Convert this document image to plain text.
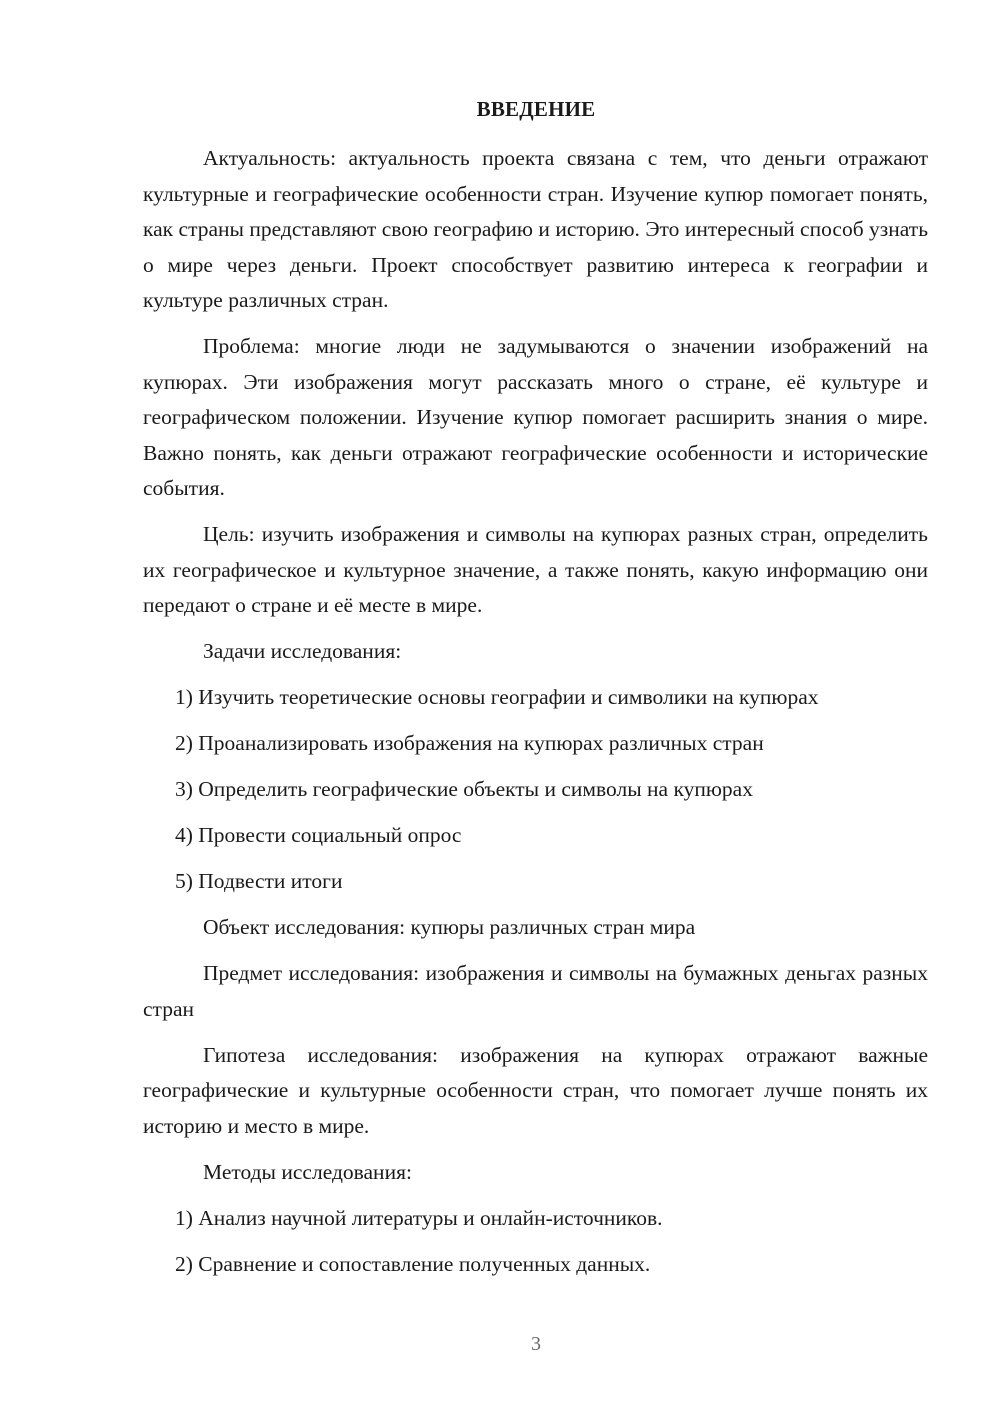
ВВЕДЕНИЕ

Актуальность: актуальность проекта связана с тем, что деньги отражают культурные и географические особенности стран. Изучение купюр помогает понять, как страны представляют свою географию и историю. Это интересный способ узнать о мире через деньги. Проект способствует развитию интереса к географии и культуре различных стран.

Проблема: многие люди не задумываются о значении изображений на купюрах. Эти изображения могут рассказать много о стране, её культуре и географическом положении. Изучение купюр помогает расширить знания о мире. Важно понять, как деньги отражают географические особенности и исторические события.

Цель: изучить изображения и символы на купюрах разных стран, определить их географическое и культурное значение, а также понять, какую информацию они передают о стране и её месте в мире.

Задачи исследования:

1) Изучить теоретические основы географии и символики на купюрах
2) Проанализировать изображения на купюрах различных стран
3) Определить географические объекты и символы на купюрах
4) Провести социальный опрос
5) Подвести итоги

Объект исследования: купюры различных стран мира

Предмет исследования: изображения и символы на бумажных деньгах разных стран

Гипотеза исследования: изображения на купюрах отражают важные географические и культурные особенности стран, что помогает лучше понять их историю и место в мире.

Методы исследования:

1) Анализ научной литературы и онлайн-источников.
2) Сравнение и сопоставление полученных данных.
3
